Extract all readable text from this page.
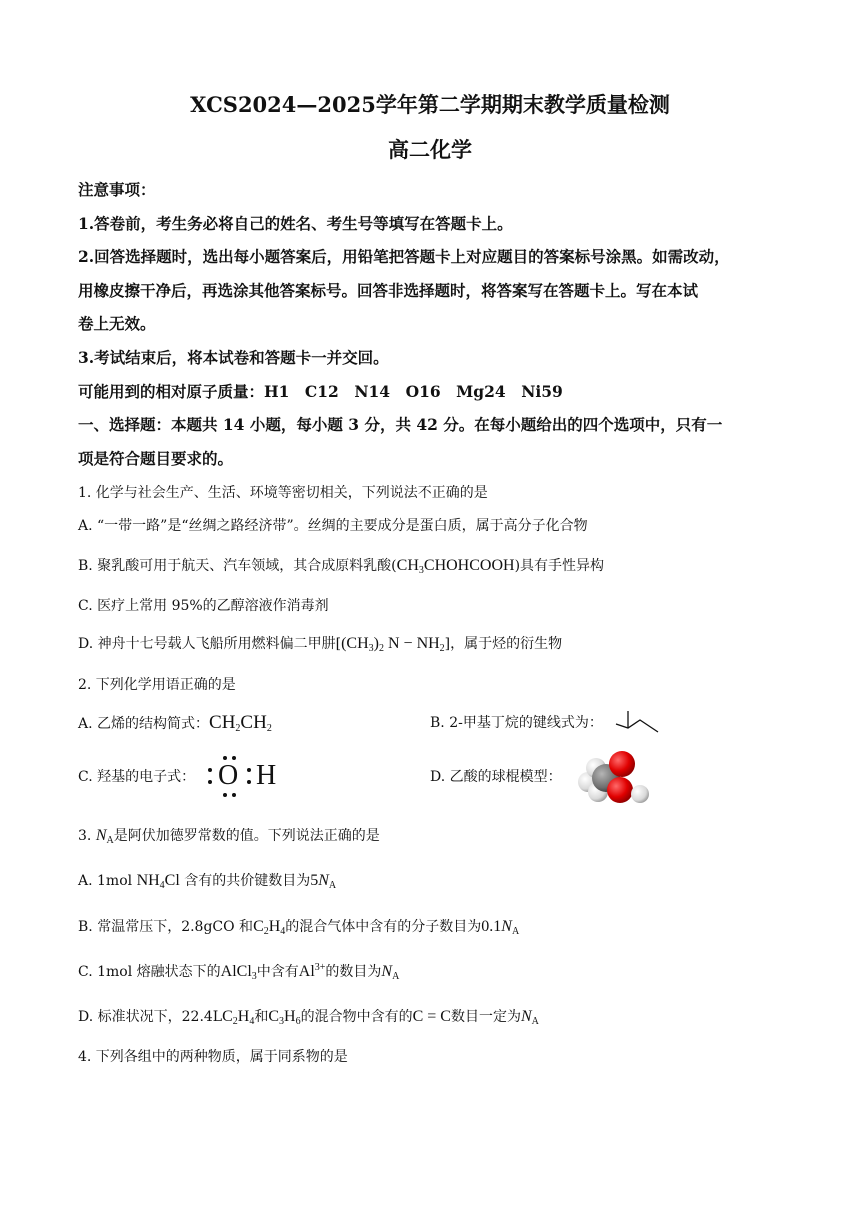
XCS2024—2025学年第二学期期末教学质量检测
高二化学
注意事项：
1.答卷前，考生务必将自己的姓名、考生号等填写在答题卡上。
2.回答选择题时，选出每小题答案后，用铅笔把答题卡上对应题目的答案标号涂黑。如需改动，
用橡皮擦干净后，再选涂其他答案标号。回答非选择题时，将答案写在答题卡上。写在本试
卷上无效。
3.考试结束后，将本试卷和答题卡一并交回。
可能用到的相对原子质量：H1　C12　N14　O16　Mg24　Ni59
一、选择题：本题共 14 小题，每小题 3 分，共 42 分。在每小题给出的四个选项中，只有一
项是符合题目要求的。
1. 化学与社会生产、生活、环境等密切相关，下列说法不正确的是
A. “一带一路”是“丝绸之路经济带”。丝绸的主要成分是蛋白质，属于高分子化合物
B. 聚乳酸可用于航天、汽车领域，其合成原料乳酸$(CH_3CHOHCOOH)$具有手性异构
C. 医疗上常用 95%的乙醇溶液作消毒剂
D. 神舟十七号载人飞船所用燃料偏二甲肼[$(CH_3)_2$ $N - NH_2$]，属于烃的衍生物
2. 下列化学用语正确的是
A. 乙烯的结构简式：$CH_2CH_2$	B. 2-甲基丁烷的键线式为：
C. 羟基的电子式： O H	D. 乙酸的球棍模型：
3. $N_A$是阿伏加德罗常数的值。下列说法正确的是
A. 1mol $NH_4Cl$ 含有的共价键数目为$5N_A$
B. 常温常压下，2.8gCO 和$C_2H_4$的混合气体中含有的分子数目为$0.1N_A$
C. 1mol 熔融状态下的AlCl$_3$中含有$Al^{3+}$的数目为$N_A$
D. 标准状况下，$22.4LC_2H_4$和$C_3H_6$的混合物中含有的C = C数目一定为$N_A$
4. 下列各组中的两种物质，属于同系物的是
